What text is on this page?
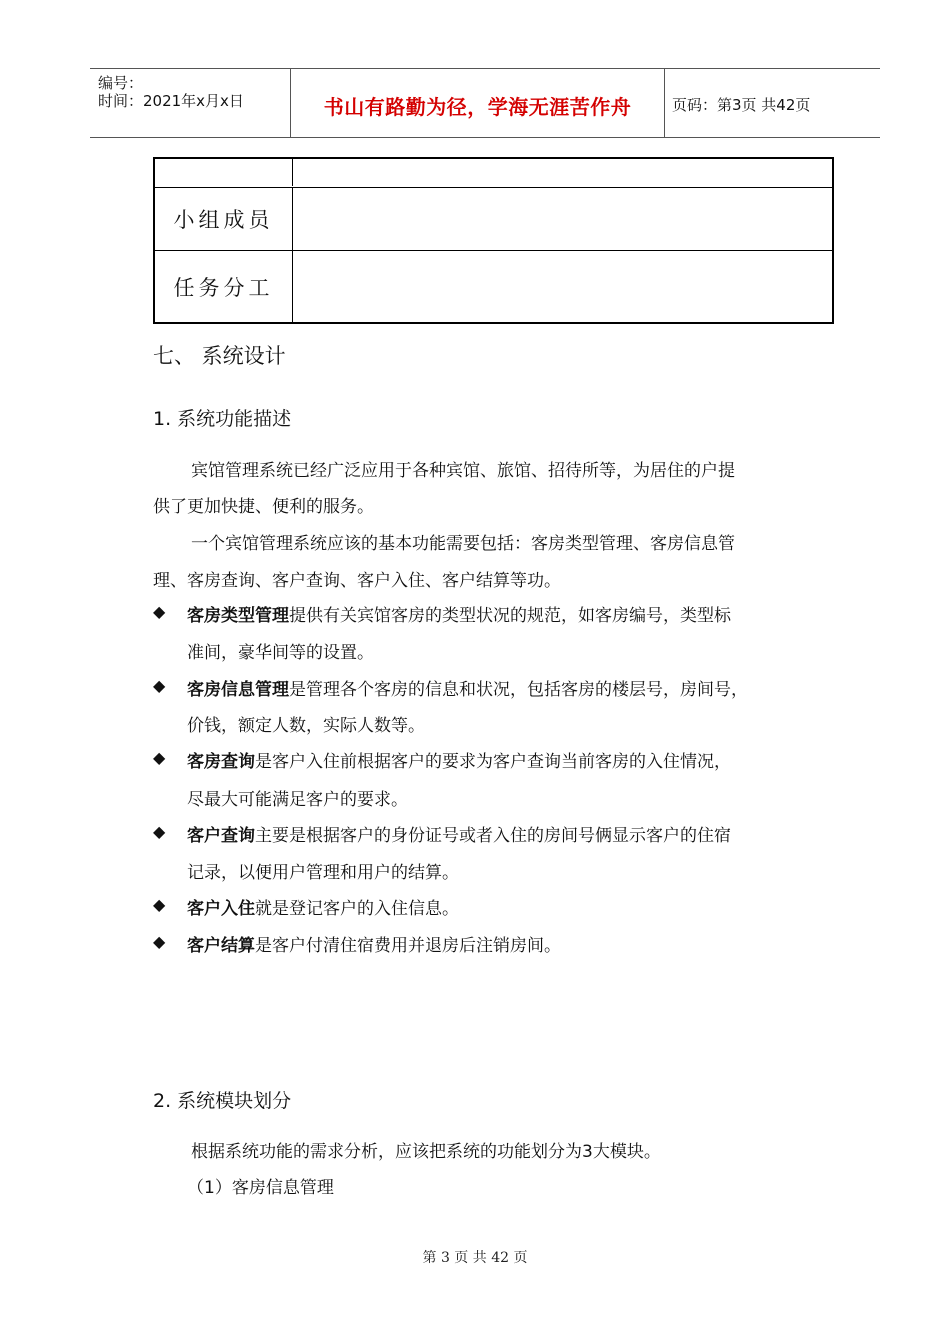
编号：
时间：2021年x月x日	书山有路勤为径，学海无涯苦作舟	页码：第3页 共42页
小组成员
任务分工
七、 系统设计
1. 系统功能描述
宾馆管理系统已经广泛应用于各种宾馆、旅馆、招待所等，为居住的户提
供了更加快捷、便利的服务。
一个宾馆管理系统应该的基本功能需要包括：客房类型管理、客房信息管
理、客房查询、客户查询、客户入住、客户结算等功。
◆ 客房类型管理提供有关宾馆客房的类型状况的规范，如客房编号，类型标
准间，豪华间等的设置。
◆ 客房信息管理是管理各个客房的信息和状况，包括客房的楼层号，房间号，
价钱，额定人数，实际人数等。
◆ 客房查询是客户入住前根据客户的要求为客户查询当前客房的入住情况，
尽最大可能满足客户的要求。
◆ 客户查询主要是根据客户的身份证号或者入住的房间号俩显示客户的住宿
记录，以便用户管理和用户的结算。
◆ 客户入住就是登记客户的入住信息。
◆ 客户结算是客户付清住宿费用并退房后注销房间。
2. 系统模块划分
根据系统功能的需求分析，应该把系统的功能划分为3大模块。
（1）客房信息管理
第 3 页 共 42 页
